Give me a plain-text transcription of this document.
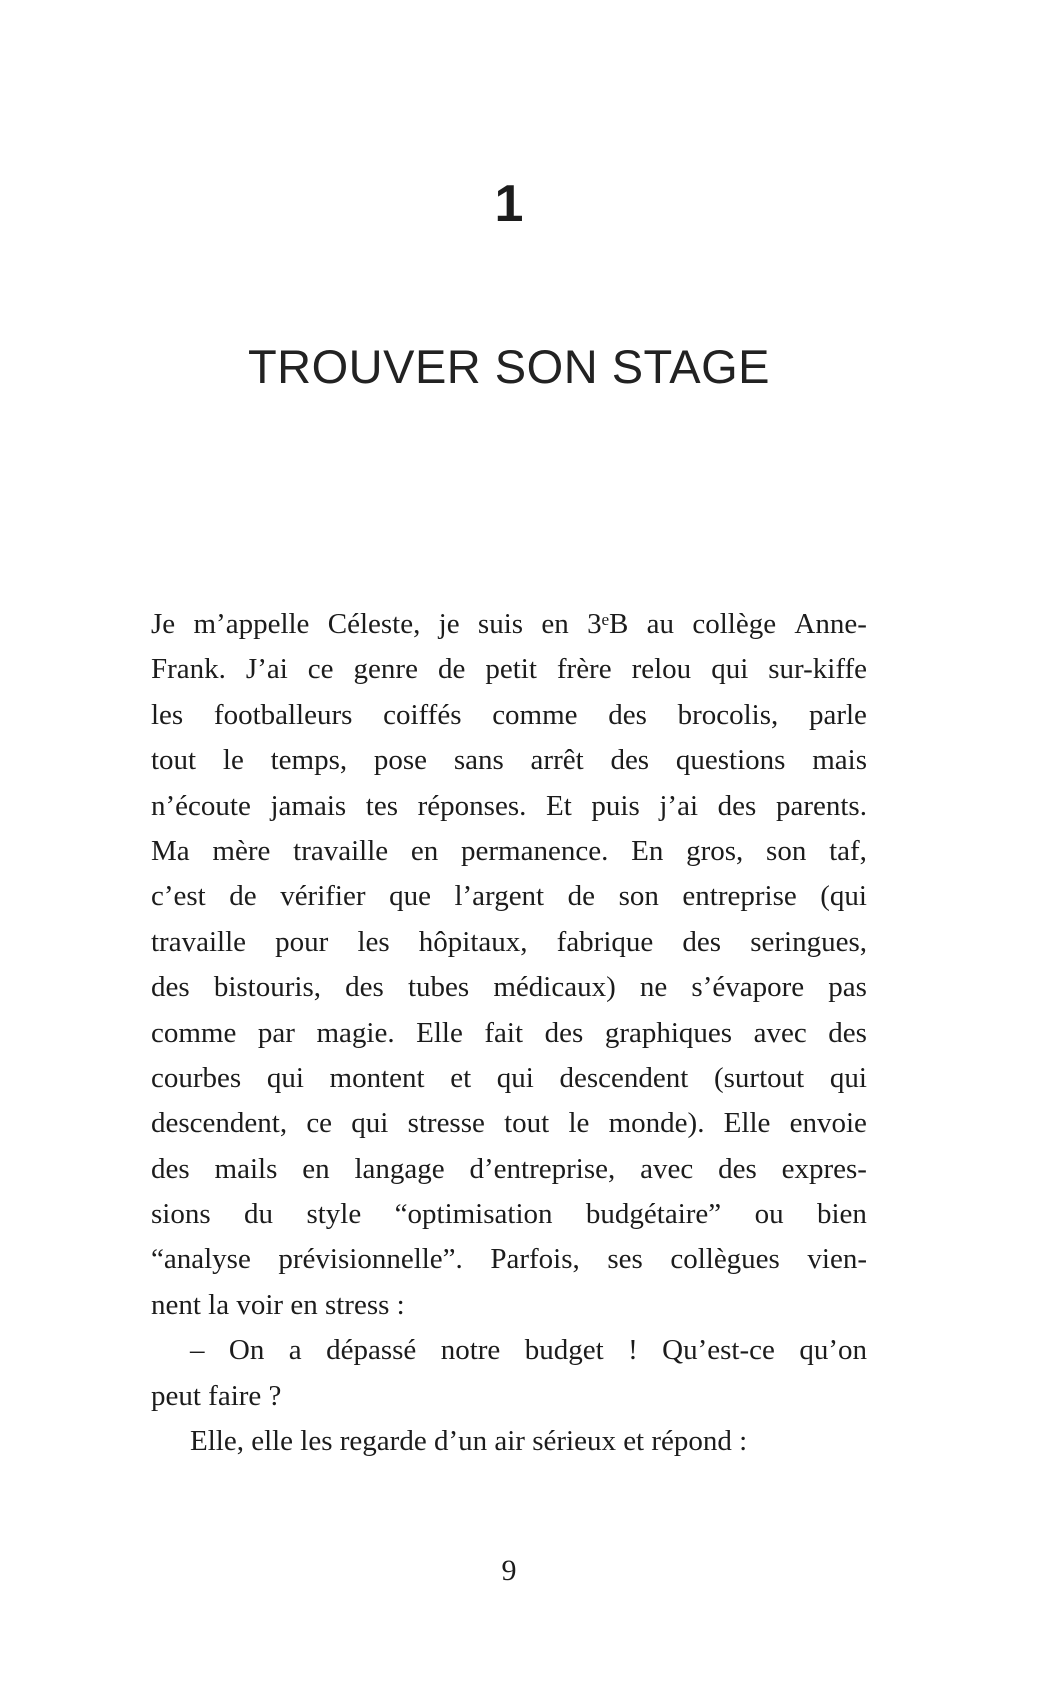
1
TROUVER SON STAGE
Je m’appelle Céleste, je suis en 3ᵉB au collège Anne-
Frank. J’ai ce genre de petit frère relou qui sur-kiffe
les footballeurs coiffés comme des brocolis, parle
tout le temps, pose sans arrêt des questions mais
n’écoute jamais tes réponses. Et puis j’ai des parents.
Ma mère travaille en permanence. En gros, son taf,
c’est de vérifier que l’argent de son entreprise (qui
travaille pour les hôpitaux, fabrique des seringues,
des bistouris, des tubes médicaux) ne s’évapore pas
comme par magie. Elle fait des graphiques avec des
courbes qui montent et qui descendent (surtout qui
descendent, ce qui stresse tout le monde). Elle envoie
des mails en langage d’entreprise, avec des expres-
sions du style “optimisation budgétaire” ou bien
“analyse prévisionnelle”. Parfois, ses collègues vien-
nent la voir en stress :
– On a dépassé notre budget ! Qu’est-ce qu’on
peut faire ?
Elle, elle les regarde d’un air sérieux et répond :
9
